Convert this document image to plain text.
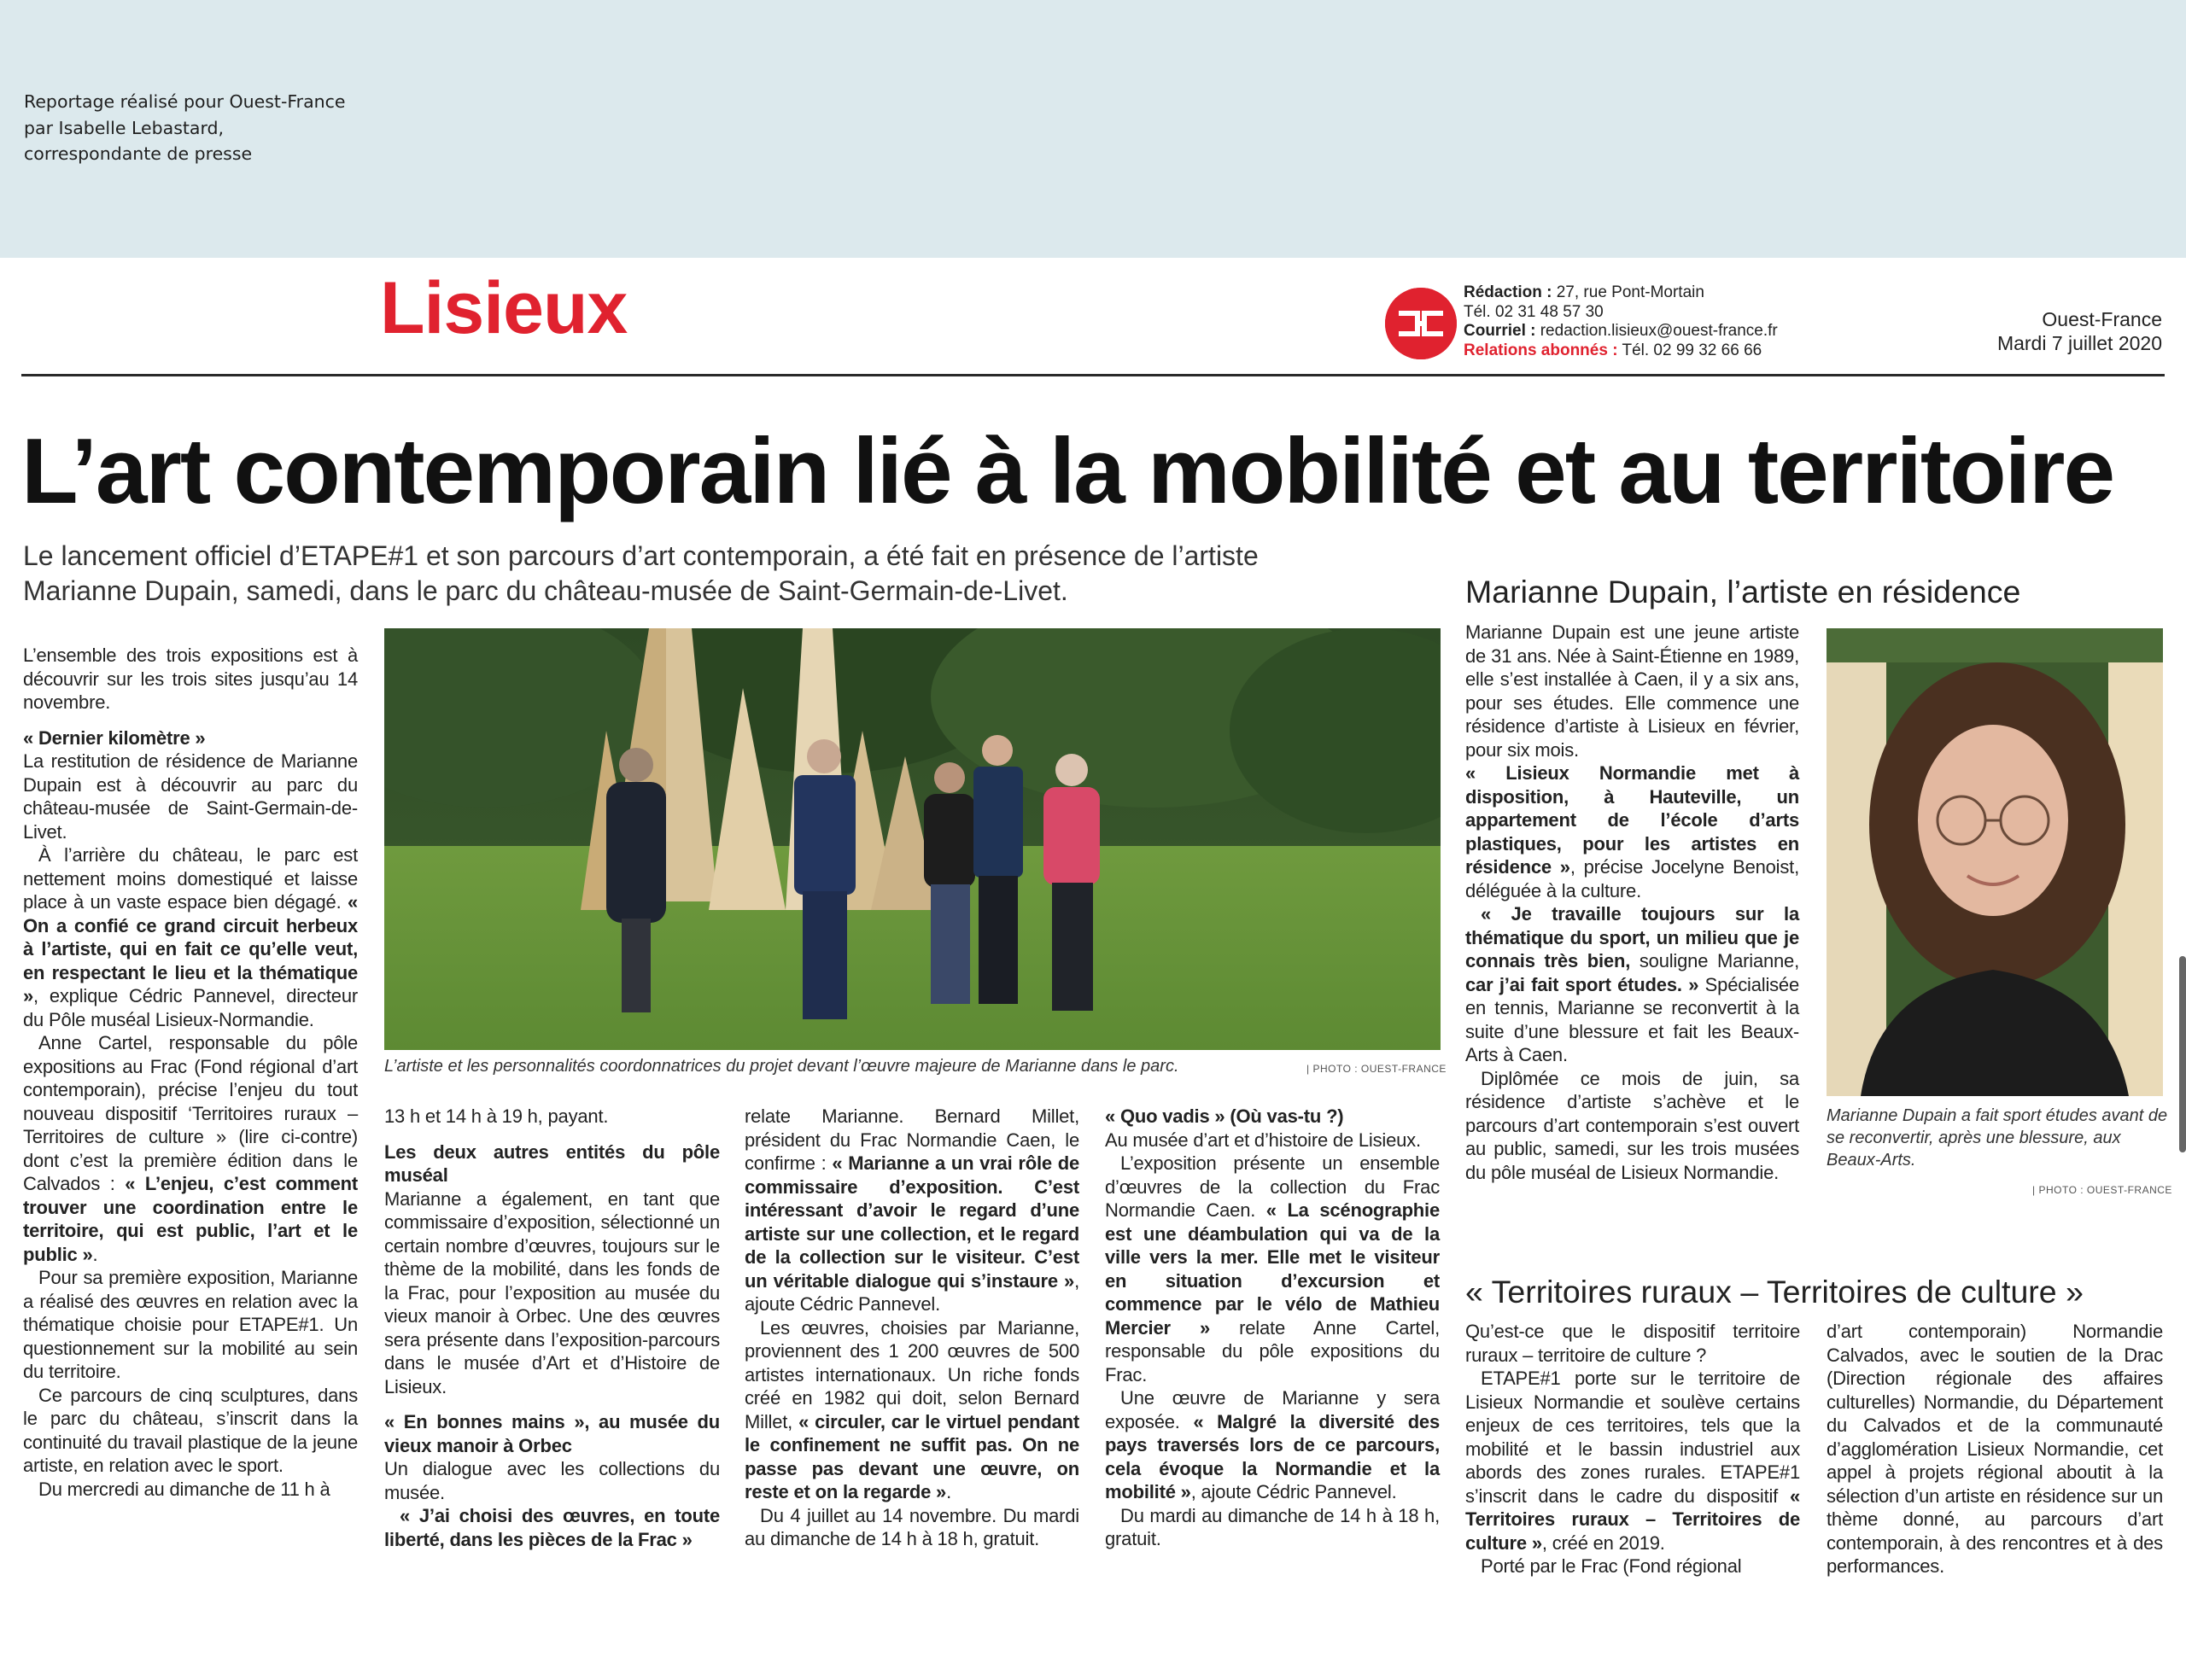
Reportage réalisé pour Ouest-France
par Isabelle Lebastard,
correspondante de presse
Lisieux	Rédaction : 27, rue Pont-Mortain
Tél. 02 31 48 57 30
Courriel : redaction.lisieux@ouest-france.fr
Relations abonnés : Tél. 02 99 32 66 66
Ouest-France
Mardi 7 juillet 2020
L’art contemporain lié à la mobilité et au territoire
Le lancement officiel d’ETAPE#1 et son parcours d’art contemporain, a été fait en présence de l’artiste Marianne Dupain, samedi, dans le parc du château-musée de Saint-Germain-de-Livet.	Marianne Dupain, l’artiste en résidence
L’artiste et les personnalités coordonnatrices du projet devant l’œuvre majeure de Marianne dans le parc.	| PHOTO : OUEST-FRANCE

L’ensemble des trois expositions est à découvrir sur les trois sites jusqu’au 14 novembre.

« Dernier kilomètre »

La restitution de résidence de Marianne Dupain est à découvrir au parc du château-musée de Saint-Germain-de-Livet.

À l’arrière du château, le parc est nettement moins domestiqué et laisse place à un vaste espace bien dégagé. « On a confié ce grand circuit herbeux à l’artiste, qui en fait ce qu’elle veut, en respectant le lieu et la thématique », explique Cédric Pannevel, directeur du Pôle muséal Lisieux-Normandie.

Anne Cartel, responsable du pôle expositions au Frac (Fond régional d’art contemporain), précise l’enjeu du tout nouveau dispositif ‘Territoires ruraux – Territoires de culture » (lire ci-contre) dont c’est la première édition dans le Calvados : « L’enjeu, c’est comment trouver une coordination entre le territoire, qui est public, l’art et le public ».

Pour sa première exposition, Marianne a réalisé des œuvres en relation avec la thématique choisie pour ETAPE#1. Un questionnement sur la mobilité au sein du territoire.

Ce parcours de cinq sculptures, dans le parc du château, s’inscrit dans la continuité du travail plastique de la jeune artiste, en relation avec le sport.

Du mercredi au dimanche de 11 h à

13 h et 14 h à 19 h, payant.

Les deux autres entités du pôle muséal

Marianne a également, en tant que commissaire d’exposition, sélectionné un certain nombre d’œuvres, toujours sur le thème de la mobilité, dans les fonds de la Frac, pour l’exposition au musée du vieux manoir à Orbec. Une des œuvres sera présente dans l’exposition-parcours dans le musée d’Art et d’Histoire de Lisieux.

« En bonnes mains », au musée du vieux manoir à Orbec

Un dialogue avec les collections du musée.

« J’ai choisi des œuvres, en toute liberté, dans les pièces de la Frac »

relate Marianne. Bernard Millet, président du Frac Normandie Caen, le confirme : « Marianne a un vrai rôle de commissaire d’exposition. C’est intéressant d’avoir le regard d’une artiste sur une collection, et le regard de la collection sur le visiteur. C’est un véritable dialogue qui s’instaure », ajoute Cédric Pannevel.

Les œuvres, choisies par Marianne, proviennent des 1 200 œuvres de 500 artistes internationaux. Un riche fonds créé en 1982 qui doit, selon Bernard Millet, « circuler, car le virtuel pendant le confinement ne suffit pas. On ne passe pas devant une œuvre, on reste et on la regarde ».

Du 4 juillet au 14 novembre. Du mardi au dimanche de 14 h à 18 h, gratuit.

« Quo vadis » (Où vas-tu ?)

Au musée d’art et d’histoire de Lisieux.

L’exposition présente un ensemble d’œuvres de la collection du Frac Normandie Caen. « La scénographie est une déambulation qui va de la ville vers la mer. Elle met le visiteur en situation d’excursion et commence par le vélo de Mathieu Mercier » relate Anne Cartel, responsable du pôle expositions du Frac.

Une œuvre de Marianne y sera exposée. « Malgré la diversité des pays traversés lors de ce parcours, cela évoque la Normandie et la mobilité », ajoute Cédric Pannevel.

Du mardi au dimanche de 14 h à 18 h, gratuit.

Marianne Dupain est une jeune artiste de 31 ans. Née à Saint-Étienne en 1989, elle s’est installée à Caen, il y a six ans, pour ses études. Elle commence une résidence d’artiste à Lisieux en février, pour six mois.

« Lisieux Normandie met à disposition, à Hauteville, un appartement de l’école d’arts plastiques, pour les artistes en résidence », précise Jocelyne Benoist, déléguée à la culture.

« Je travaille toujours sur la thématique du sport, un milieu que je connais très bien, souligne Marianne, car j’ai fait sport études. » Spécialisée en tennis, Marianne se reconvertit à la suite d’une blessure et fait les Beaux-Arts à Caen.

Diplômée ce mois de juin, sa résidence d’artiste s’achève et le parcours d’art contemporain s’est ouvert au public, samedi, sur les trois musées du pôle muséal de Lisieux Normandie.

Marianne Dupain a fait sport études avant de se reconvertir, après une blessure, aux Beaux-Arts.
| PHOTO : OUEST-FRANCE
« Territoires ruraux – Territoires de culture »

Qu’est-ce que le dispositif territoire ruraux – territoire de culture ?

ETAPE#1 porte sur le territoire de Lisieux Normandie et soulève certains enjeux de ces territoires, tels que la mobilité et le bassin industriel aux abords des zones rurales. ETAPE#1 s’inscrit dans le cadre du dispositif « Territoires ruraux – Territoires de culture », créé en 2019.

Porté par le Frac (Fond régional

d’art contemporain) Normandie Calvados, avec le soutien de la Drac (Direction régionale des affaires culturelles) Normandie, du Département du Calvados et de la communauté d’agglomération Lisieux Normandie, cet appel à projets régional aboutit à la sélection d’un artiste en résidence sur un thème donné, au parcours d’art contemporain, à des rencontres et à des performances.
